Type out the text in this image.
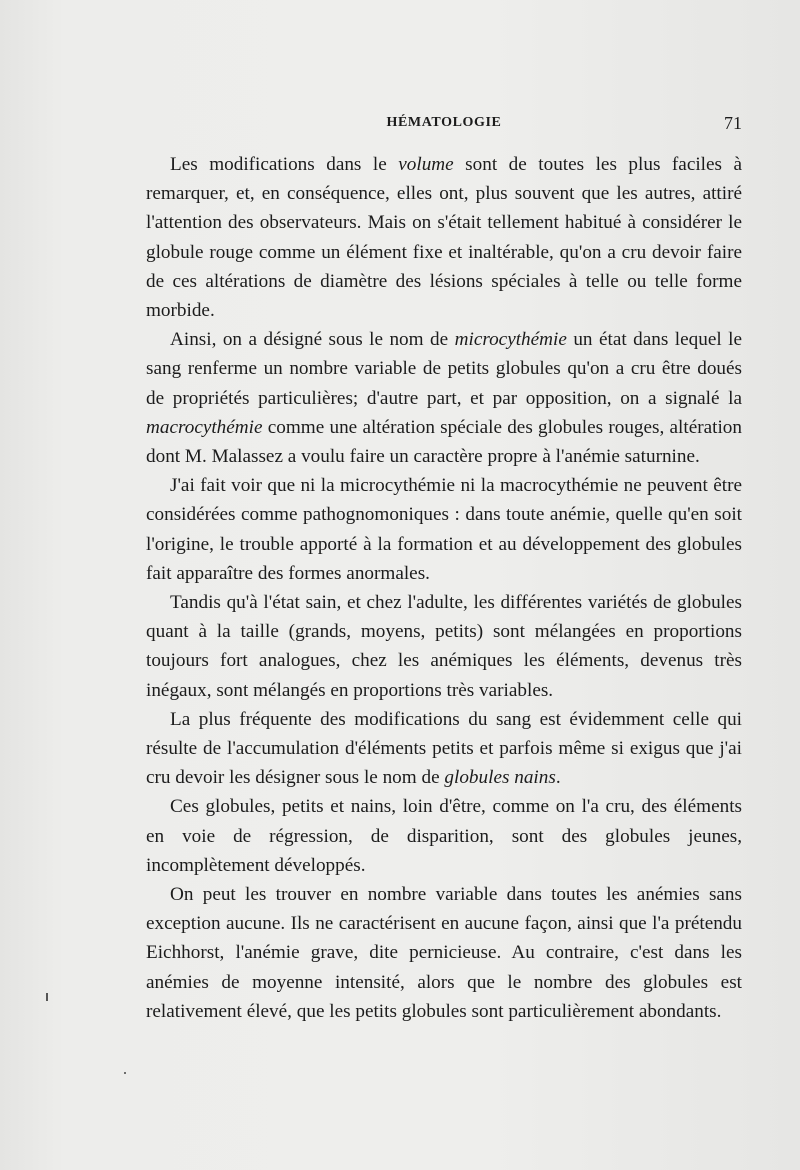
HÉMATOLOGIE	71

Les modifications dans le volume sont de toutes les plus faciles à remarquer, et, en conséquence, elles ont, plus souvent que les autres, attiré l'attention des observateurs. Mais on s'était tellement habitué à considérer le globule rouge comme un élément fixe et inaltérable, qu'on a cru devoir faire de ces altérations de diamètre des lésions spéciales à telle ou telle forme morbide.

Ainsi, on a désigné sous le nom de microcythémie un état dans lequel le sang renferme un nombre variable de petits globules qu'on a cru être doués de propriétés particulières; d'autre part, et par opposition, on a signalé la macrocythémie comme une altération spéciale des globules rouges, altération dont M. Malassez a voulu faire un caractère propre à l'anémie saturnine.

J'ai fait voir que ni la microcythémie ni la macrocythémie ne peuvent être considérées comme pathognomoniques : dans toute anémie, quelle qu'en soit l'origine, le trouble apporté à la formation et au développement des globules fait apparaître des formes anormales.

Tandis qu'à l'état sain, et chez l'adulte, les différentes variétés de globules quant à la taille (grands, moyens, petits) sont mélangées en proportions toujours fort analogues, chez les anémiques les éléments, devenus très inégaux, sont mélangés en proportions très variables.

La plus fréquente des modifications du sang est évidemment celle qui résulte de l'accumulation d'éléments petits et parfois même si exigus que j'ai cru devoir les désigner sous le nom de globules nains.

Ces globules, petits et nains, loin d'être, comme on l'a cru, des éléments en voie de régression, de disparition, sont des globules jeunes, incomplètement développés.

On peut les trouver en nombre variable dans toutes les anémies sans exception aucune. Ils ne caractérisent en aucune façon, ainsi que l'a prétendu Eichhorst, l'anémie grave, dite pernicieuse. Au contraire, c'est dans les anémies de moyenne intensité, alors que le nombre des globules est relativement élevé, que les petits globules sont particulièrement abondants.
